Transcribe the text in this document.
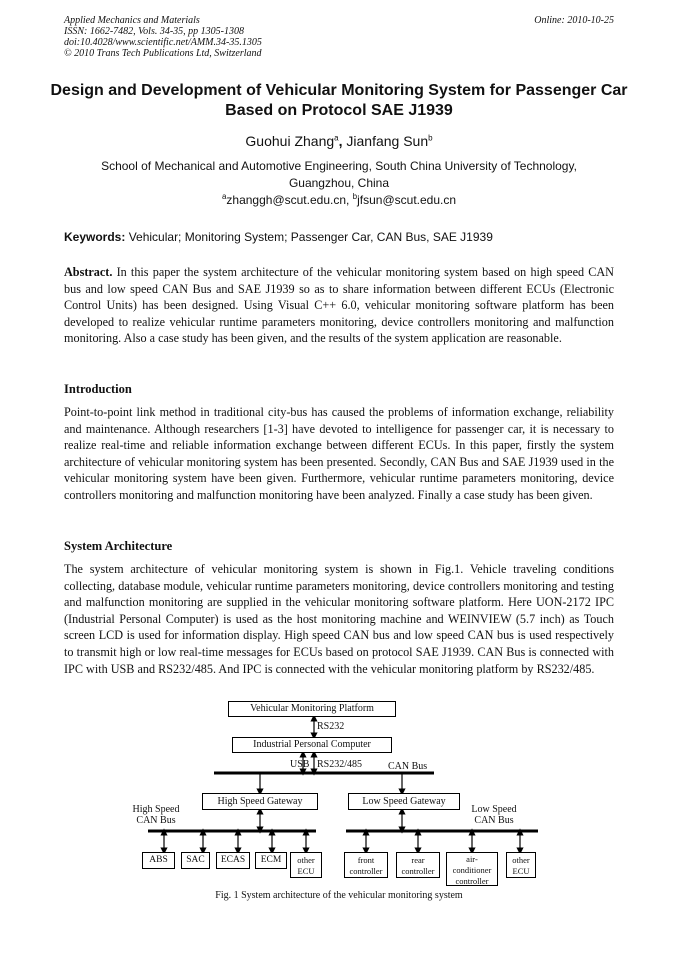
Applied Mechanics and Materials
ISSN: 1662-7482, Vols. 34-35, pp 1305-1308
doi:10.4028/www.scientific.net/AMM.34-35.1305
© 2010 Trans Tech Publications Ltd, Switzerland
Online: 2010-10-25
Design and Development of Vehicular Monitoring System for Passenger Car Based on Protocol SAE J1939
Guohui Zhang$^a$, Jianfang Sun$^b$
School of Mechanical and Automotive Engineering, South China University of Technology, Guangzhou, China
$^a$zhanggh@scut.edu.cn, $^b$jfsun@scut.edu.cn
Keywords: Vehicular; Monitoring System; Passenger Car, CAN Bus, SAE J1939
Abstract. In this paper the system architecture of the vehicular monitoring system based on high speed CAN bus and low speed CAN Bus and SAE J1939 so as to share information between different ECUs (Electronic Control Units) has been designed. Using Visual C++ 6.0, vehicular monitoring software platform has been developed to realize vehicular runtime parameters monitoring, device controllers monitoring and malfunction monitoring. Also a case study has been given, and the results of the system application are reasonable.
Introduction
Point-to-point link method in traditional city-bus has caused the problems of information exchange, reliability and maintenance. Although researchers [1-3] have devoted to intelligence for passenger car, it is necessary to realize real-time and reliable information exchange between different ECUs. In this paper, firstly the system architecture of vehicular monitoring system has been presented. Secondly, CAN Bus and SAE J1939 used in the vehicular monitoring system have been given. Furthermore, vehicular runtime parameters monitoring, device controllers monitoring and malfunction monitoring have been analyzed. Finally a case study has been given.
System Architecture
The system architecture of vehicular monitoring system is shown in Fig.1. Vehicle traveling conditions collecting, database module, vehicular runtime parameters monitoring, device controllers monitoring and testing and malfunction monitoring are supplied in the vehicular monitoring software platform. Here UON-2172 IPC (Industrial Personal Computer) is used as the host monitoring machine and WEINVIEW (5.7 inch) as Touch screen LCD is used for information display. High speed CAN bus and low speed CAN bus is used respectively to transmit high or low real-time messages for ECUs based on protocol SAE J1939. CAN Bus is connected with IPC with USB and RS232/485. And IPC is connected with the vehicular monitoring platform by RS232/485.
Vehicular Monitoring Platform
RS232
Industrial Personal Computer
USB RS232/485	CAN Bus
High Speed Gateway	Low Speed Gateway
High Speed
CAN Bus
Low Speed
CAN Bus
ABS	SAC	ECAS	ECM	other
ECU
front
controller
rear
controller
air-
conditioner
controller
other
ECU
Fig. 1 System architecture of the vehicular monitoring system
